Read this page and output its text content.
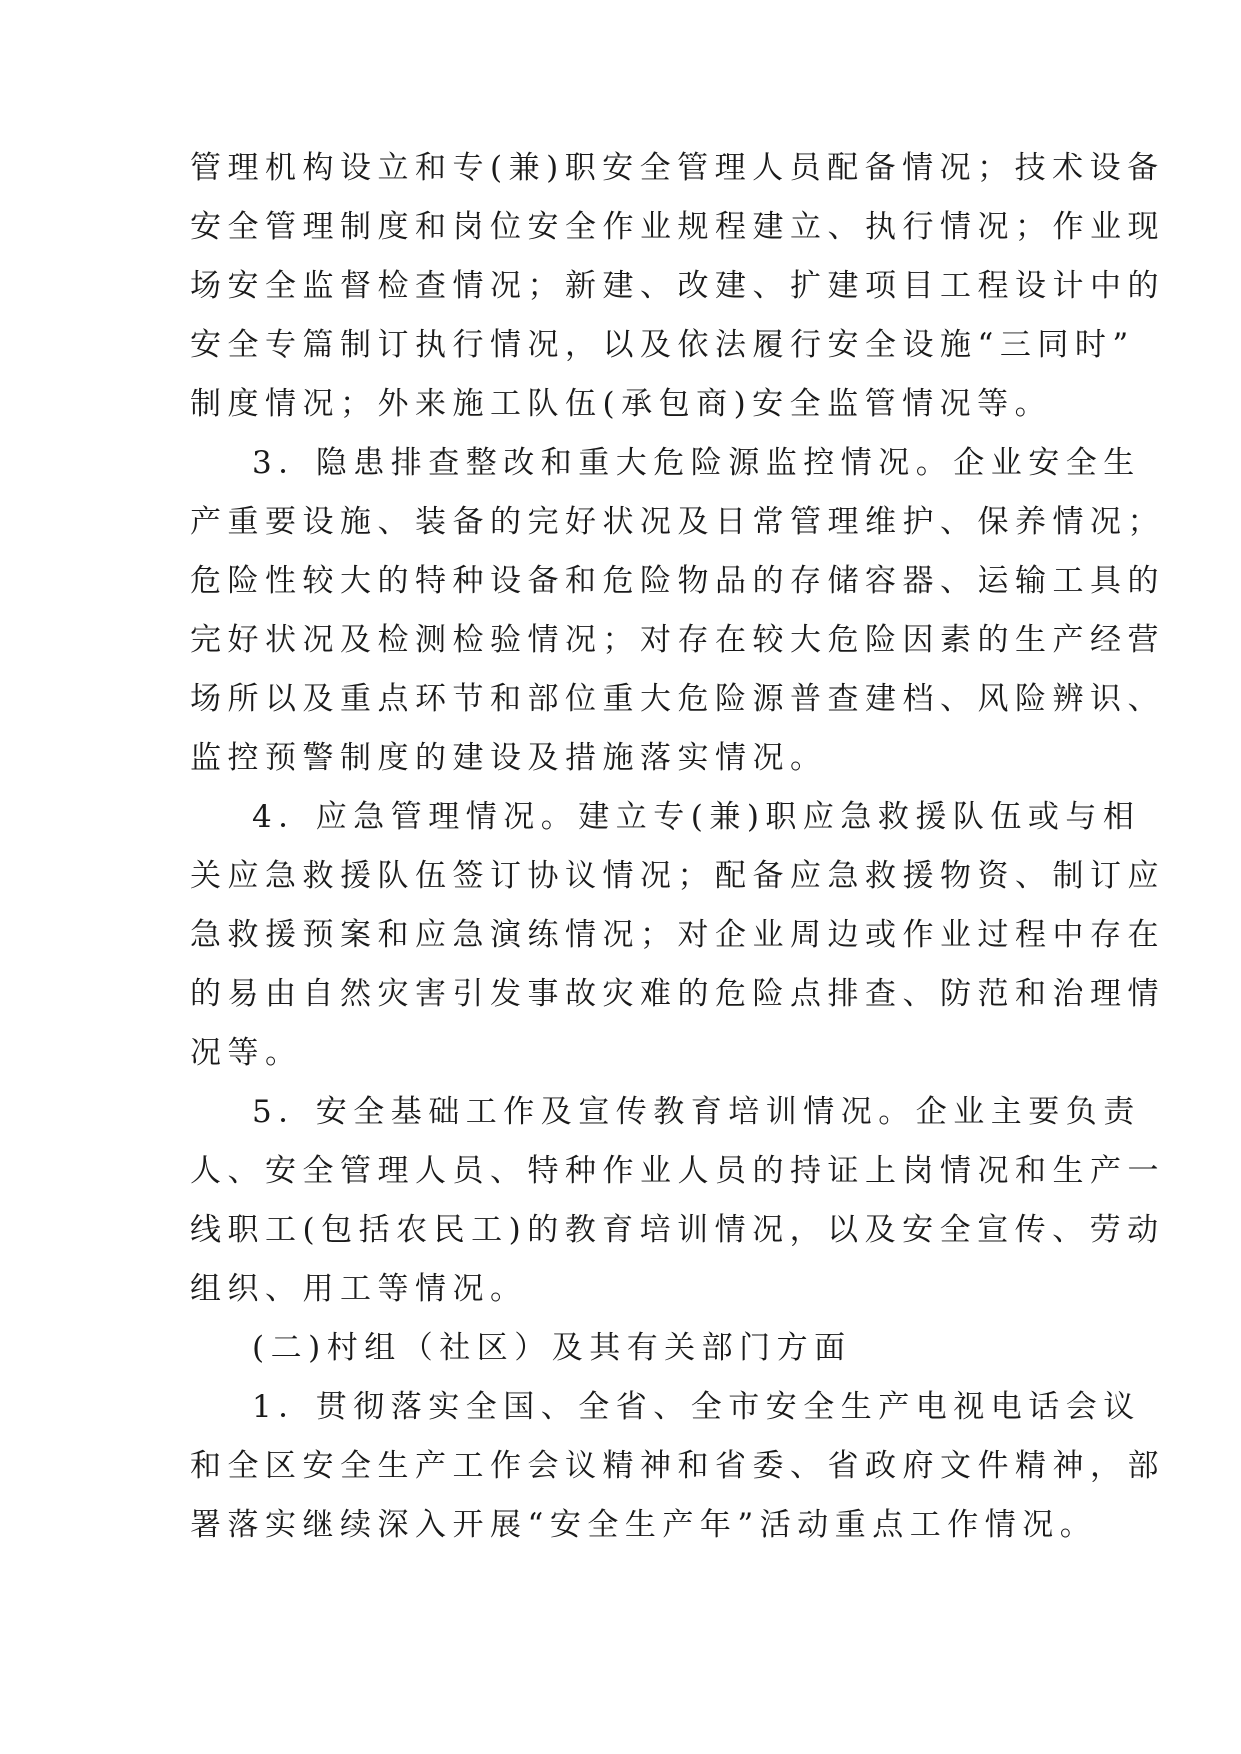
管理机构设立和专(兼)职安全管理人员配备情况；技术设备
安全管理制度和岗位安全作业规程建立、执行情况；作业现
场安全监督检查情况；新建、改建、扩建项目工程设计中的
安全专篇制订执行情况，以及依法履行安全设施“三同时”
制度情况；外来施工队伍(承包商)安全监管情况等。
3．隐患排查整改和重大危险源监控情况。企业安全生
产重要设施、装备的完好状况及日常管理维护、保养情况；
危险性较大的特种设备和危险物品的存储容器、运输工具的
完好状况及检测检验情况；对存在较大危险因素的生产经营
场所以及重点环节和部位重大危险源普查建档、风险辨识、
监控预警制度的建设及措施落实情况。
4．应急管理情况。建立专(兼)职应急救援队伍或与相
关应急救援队伍签订协议情况；配备应急救援物资、制订应
急救援预案和应急演练情况；对企业周边或作业过程中存在
的易由自然灾害引发事故灾难的危险点排查、防范和治理情
况等。
5．安全基础工作及宣传教育培训情况。企业主要负责
人、安全管理人员、特种作业人员的持证上岗情况和生产一
线职工(包括农民工)的教育培训情况，以及安全宣传、劳动
组织、用工等情况。
(二)村组（社区）及其有关部门方面
1．贯彻落实全国、全省、全市安全生产电视电话会议
和全区安全生产工作会议精神和省委、省政府文件精神，部
署落实继续深入开展“安全生产年”活动重点工作情况。
